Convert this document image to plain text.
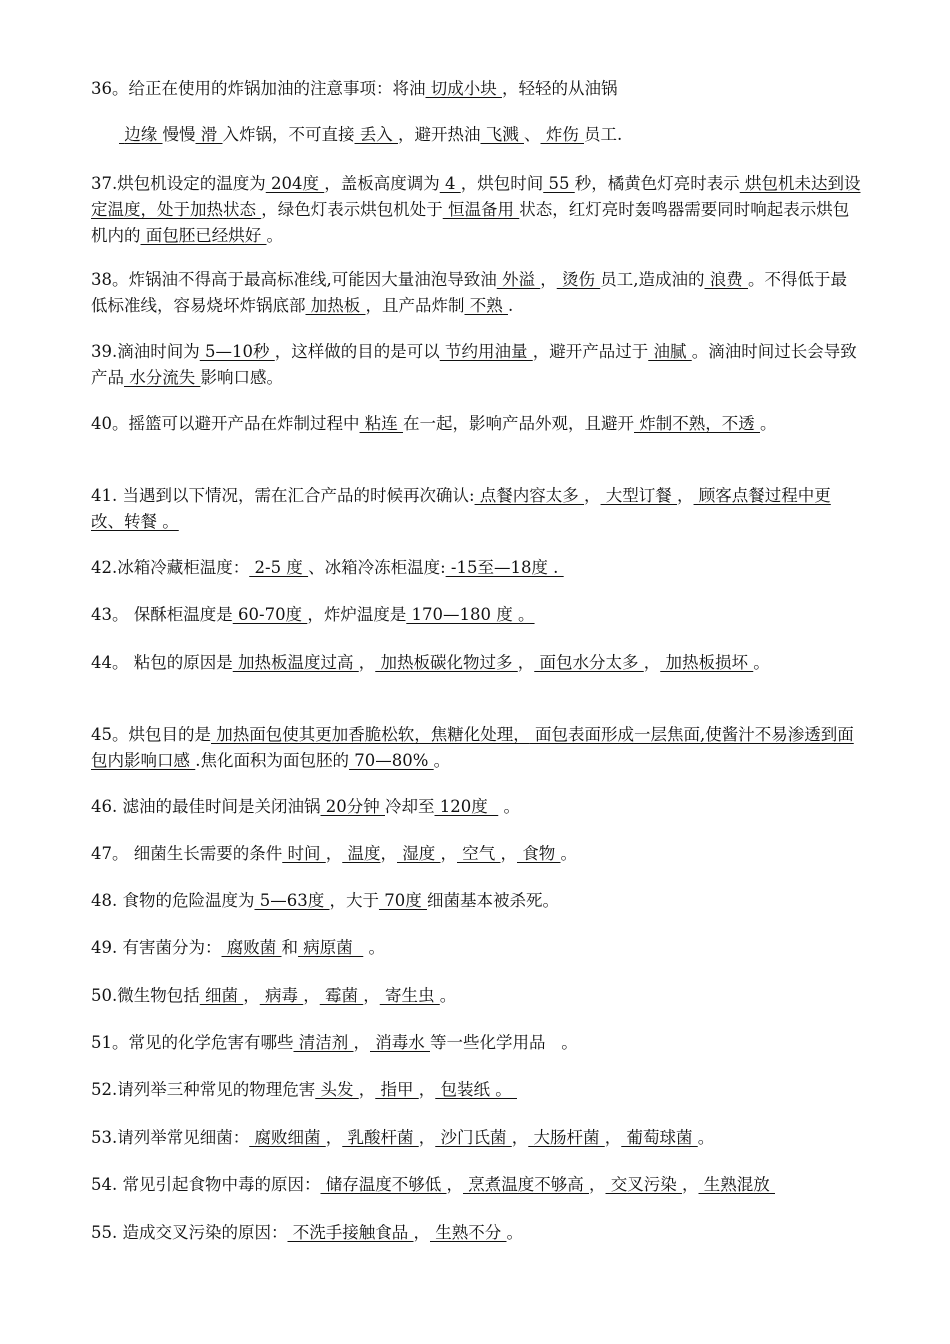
36。给正在使用的炸锅加油的注意事项：将油 切成小块 ，轻轻的从油锅
边缘 慢慢 滑 入炸锅，不可直接 丢入 ，避开热油 飞溅 、 炸伤 员工.
37.烘包机设定的温度为 204度 ，盖板高度调为 4 ，烘包时间 55 秒，橘黄色灯亮时表示 烘包机未达到设定温度，处于加热状态 ，绿色灯表示烘包机处于 恒温备用 状态，红灯亮时轰鸣器需要同时响起表示烘包机内的 面包胚已经烘好 。
38。炸锅油不得高于最高标准线,可能因大量油泡导致油 外溢 ， 烫伤 员工,造成油的 浪费 。不得低于最低标准线，容易烧坏炸锅底部 加热板 ，且产品炸制 不熟 .
39.滴油时间为 5—10秒 ，这样做的目的是可以 节约用油量 ，避开产品过于 油腻 。滴油时间过长会导致产品 水分流失 影响口感。
40。摇篮可以避开产品在炸制过程中 粘连 在一起，影响产品外观，且避开 炸制不熟，不透 。
41. 当遇到以下情况，需在汇合产品的时候再次确认: 点餐内容太多 ， 大型订餐 ， 顾客点餐过程中更改、转餐 。
42.冰箱冷藏柜温度： 2-5 度 、冰箱冷冻柜温度: -15至—18度 .
43。 保酥柜温度是 60-70度 ，炸炉温度是 170—180 度 。
44。 粘包的原因是 加热板温度过高 ， 加热板碳化物过多 ， 面包水分太多 ， 加热板损坏 。
45。烘包目的是 加热面包使其更加香脆松软，焦糖化处理， 面包表面形成一层焦面,使酱汁不易渗透到面包内影响口感 .焦化面积为面包胚的 70—80% 。
46. 滤油的最佳时间是关闭油锅 20分钟 冷却至 120度   。
47。 细菌生长需要的条件 时间 ， 温度， 湿度 ， 空气 ， 食物 。
48. 食物的危险温度为 5—63度 ，大于 70度 细菌基本被杀死。
49. 有害菌分为： 腐败菌 和 病原菌   。
50.微生物包括 细菌 ， 病毒 ， 霉菌 ， 寄生虫 。
51。常见的化学危害有哪些 清洁剂 ， 消毒水 等一些化学用品   。
52.请列举三种常见的物理危害 头发 ， 指甲 ， 包装纸 。
53.请列举常见细菌： 腐败细菌 ， 乳酸杆菌 ， 沙门氏菌 ， 大肠杆菌 ， 葡萄球菌 。
54. 常见引起食物中毒的原因： 储存温度不够低 ， 烹煮温度不够高 ， 交叉污染 ， 生熟混放
55. 造成交叉污染的原因： 不洗手接触食品 ， 生熟不分 。
